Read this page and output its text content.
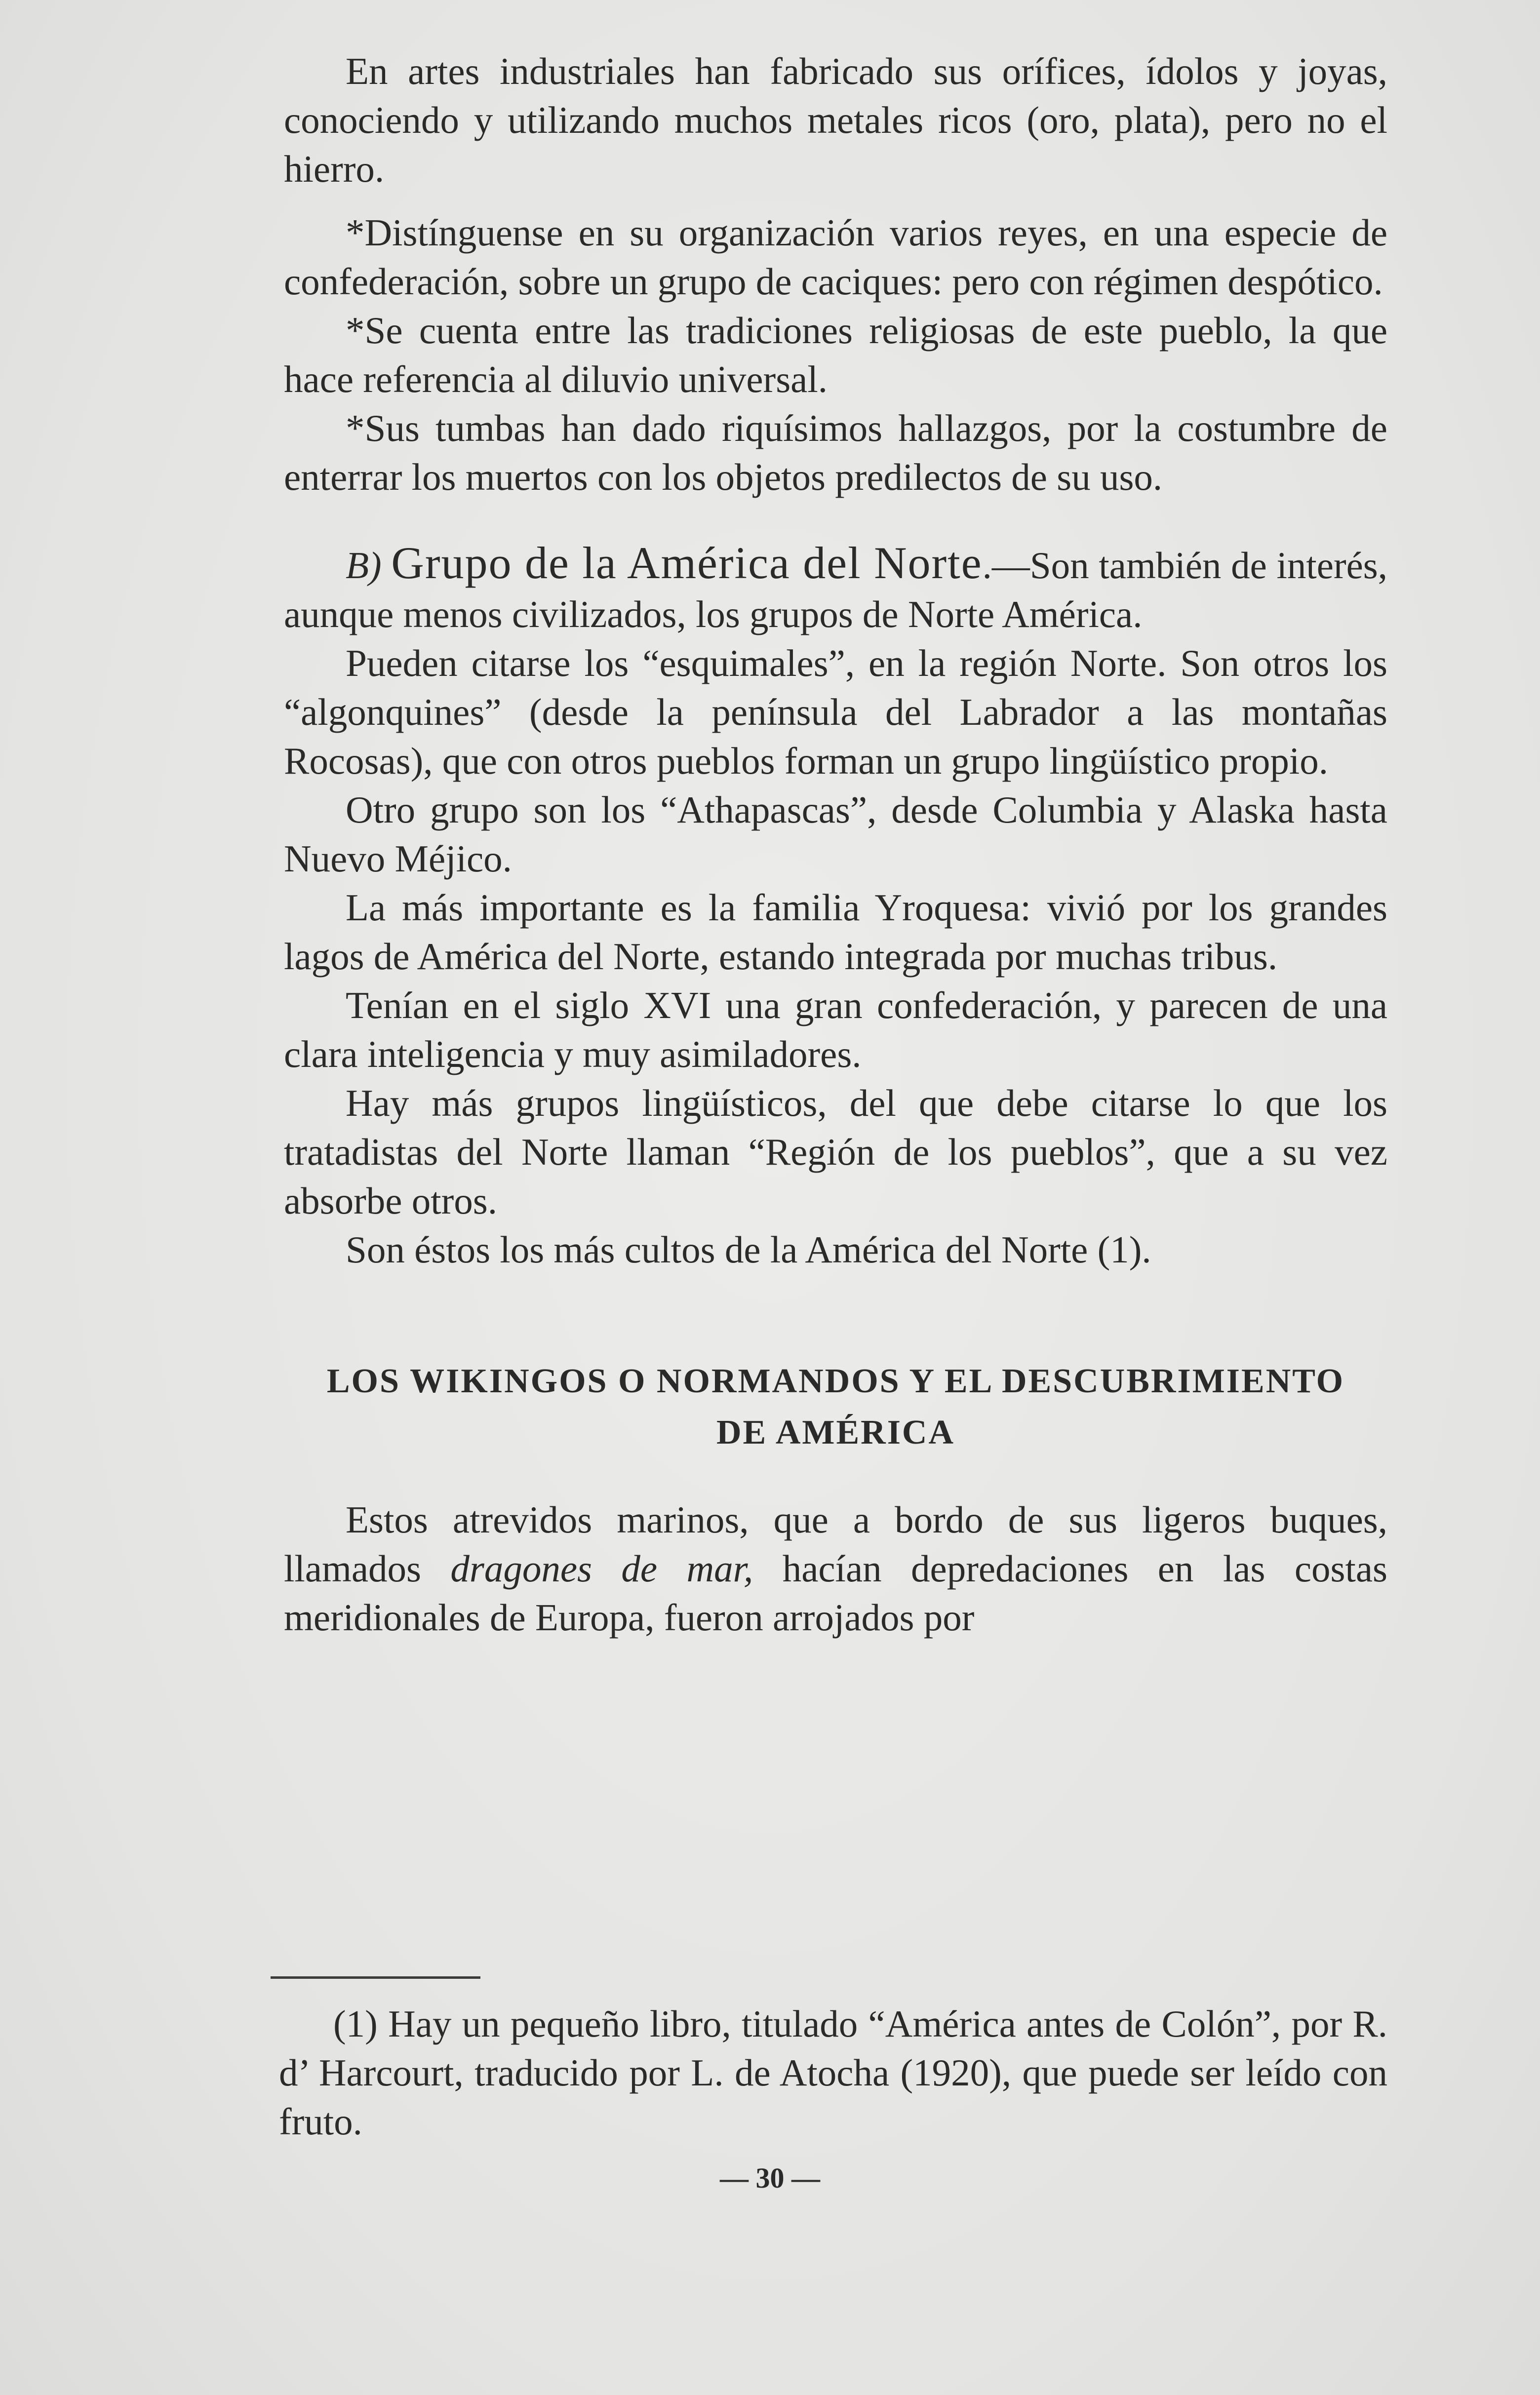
En artes industriales han fabricado sus orífices, ídolos y joyas, conociendo y utilizando muchos metales ricos (oro, plata), pero no el hierro.

*Distínguense en su organización varios reyes, en una especie de confederación, sobre un grupo de caciques: pero con régimen despótico.

*Se cuenta entre las tradiciones religiosas de este pueblo, la que hace referencia al diluvio universal.

*Sus tumbas han dado riquísimos hallazgos, por la costumbre de enterrar los muertos con los objetos predilectos de su uso.

B) Grupo de la América del Norte.—Son también de interés, aunque menos civilizados, los grupos de Norte América.

Pueden citarse los “esquimales”, en la región Norte. Son otros los “algonquines” (desde la península del Labrador a las montañas Rocosas), que con otros pueblos forman un grupo lingüístico propio.

Otro grupo son los “Athapascas”, desde Columbia y Alaska hasta Nuevo Méjico.

La más importante es la familia Yroquesa: vivió por los grandes lagos de América del Norte, estando integrada por muchas tribus.

Tenían en el siglo XVI una gran confederación, y parecen de una clara inteligencia y muy asimiladores.

Hay más grupos lingüísticos, del que debe citarse lo que los tratadistas del Norte llaman “Región de los pueblos”, que a su vez absorbe otros.

Son éstos los más cultos de la América del Norte (1).

LOS WIKINGOS O NORMANDOS Y EL DESCUBRIMIENTO DE AMÉRICA

Estos atrevidos marinos, que a bordo de sus ligeros buques, llamados dragones de mar, hacían depredaciones en las costas meridionales de Europa, fueron arrojados por

(1) Hay un pequeño libro, titulado “América antes de Colón”, por R. d’ Harcourt, traducido por L. de Atocha (1920), que puede ser leído con fruto.

— 30 —
